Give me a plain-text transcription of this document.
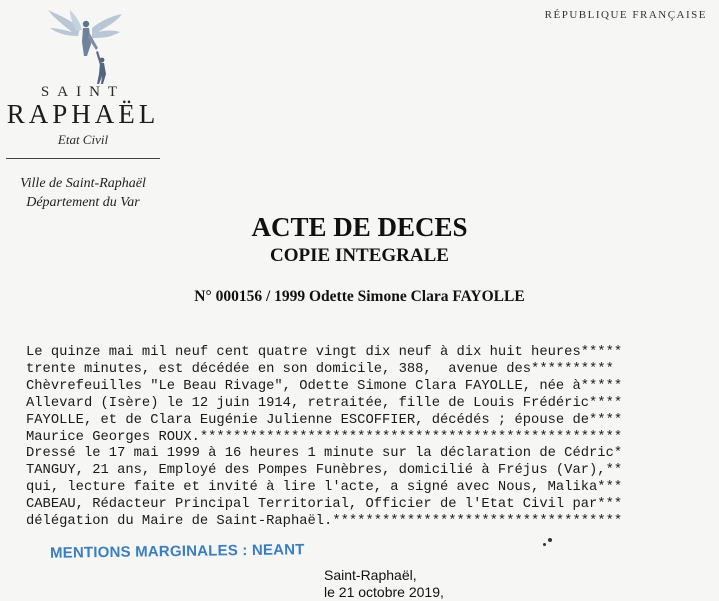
SAINT
RAPHAËL
Etat Civil
Ville de Saint-Raphaël
Département du Var
RÉPUBLIQUE FRANÇAISE
ACTE DE DECES
COPIE INTEGRALE
N° 000156 / 1999 Odette Simone Clara FAYOLLE
Le quinze mai mil neuf cent quatre vingt dix neuf à dix huit heures*****
trente minutes, est décédée en son domicile, 388,  avenue des**********
Chèvrefeuilles "Le Beau Rivage", Odette Simone Clara FAYOLLE, née à*****
Allevard (Isère) le 12 juin 1914, retraitée, fille de Louis Frédéric****
FAYOLLE, et de Clara Eugénie Julienne ESCOFFIER, décédés ; épouse de****
Maurice Georges ROUX.***************************************************
Dressé le 17 mai 1999 à 16 heures 1 minute sur la déclaration de Cédric*
TANGUY, 21 ans, Employé des Pompes Funèbres, domicilié à Fréjus (Var),**
qui, lecture faite et invité à lire l'acte, a signé avec Nous, Malika***
CABEAU, Rédacteur Principal Territorial, Officier de l'Etat Civil par***
délégation du Maire de Saint-Raphaël.***********************************
MENTIONS MARGINALES : NEANT
Saint-Raphaël,
le 21 octobre 2019,
